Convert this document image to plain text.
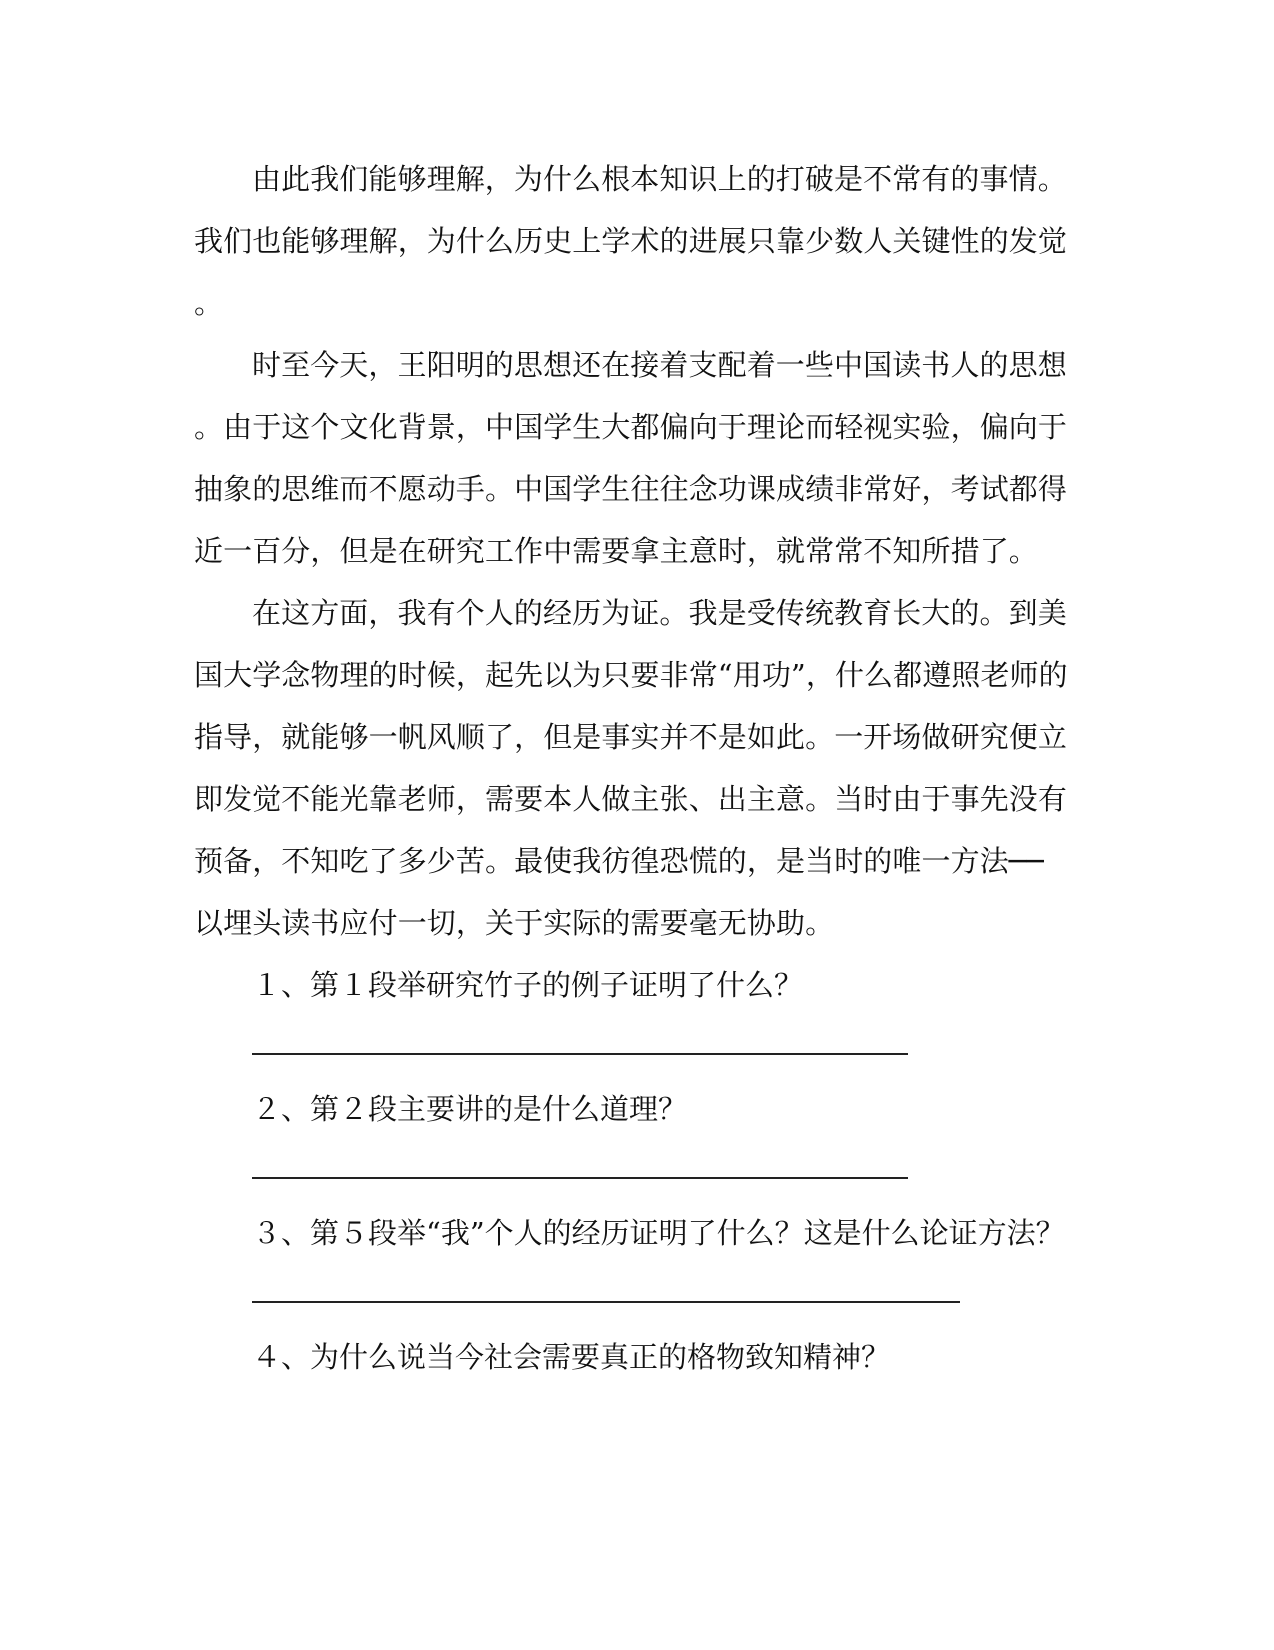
由此我们能够理解，为什么根本知识上的打破是不常有的事情。
我们也能够理解，为什么历史上学术的进展只靠少数人关键性的发觉
。
时至今天，王阳明的思想还在接着支配着一些中国读书人的思想
。由于这个文化背景，中国学生大都偏向于理论而轻视实验，偏向于
抽象的思维而不愿动手。中国学生往往念功课成绩非常好，考试都得
近一百分，但是在研究工作中需要拿主意时，就常常不知所措了。
在这方面，我有个人的经历为证。我是受传统教育长大的。到美
国大学念物理的时候，起先以为只要非常“用功”，什么都遵照老师的
指导，就能够一帆风顺了，但是事实并不是如此。一开场做研究便立
即发觉不能光靠老师，需要本人做主张、出主意。当时由于事先没有
预备，不知吃了多少苦。最使我彷徨恐慌的，是当时的唯一方法──
以埋头读书应付一切，关于实际的需要毫无协助。
１、第１段举研究竹子的例子证明了什么？
２、第２段主要讲的是什么道理？
３、第５段举“我”个人的经历证明了什么？这是什么论证方法？
４、为什么说当今社会需要真正的格物致知精神？
